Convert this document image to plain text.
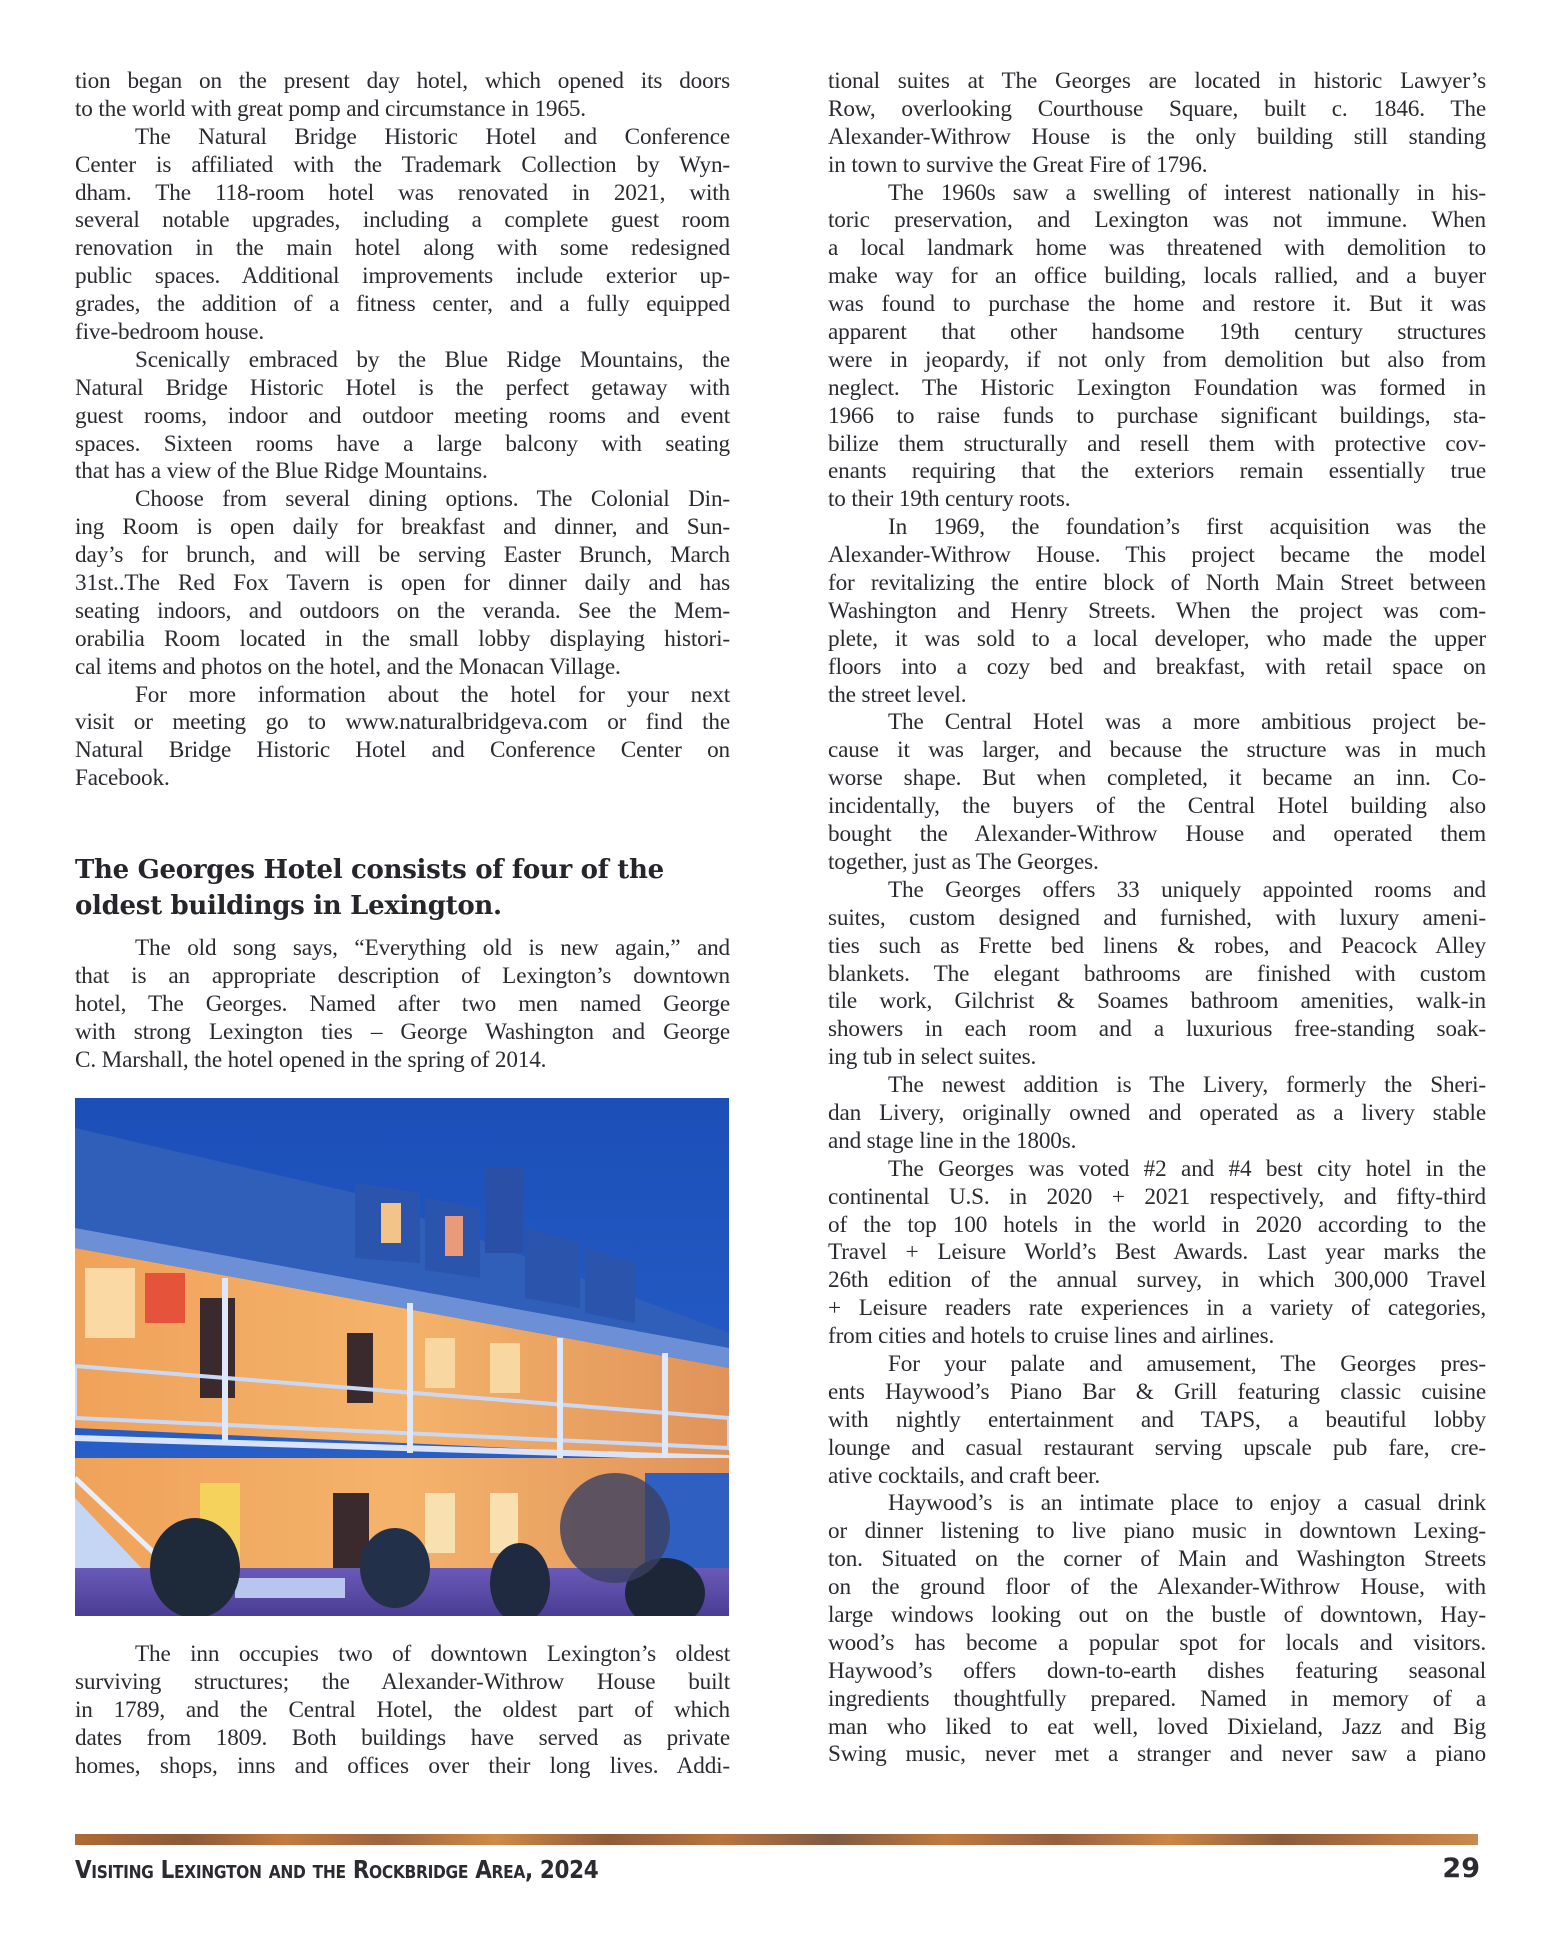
tion began on the present day hotel, which opened its doors
to the world with great pomp and circumstance in 1965.
The Natural Bridge Historic Hotel and Conference
Center is affiliated with the Trademark Collection by Wyn-
dham. The 118-room hotel was renovated in 2021, with
several notable upgrades, including a complete guest room
renovation in the main hotel along with some redesigned
public spaces. Additional improvements include exterior up-
grades, the addition of a fitness center, and a fully equipped
five-bedroom house.
Scenically embraced by the Blue Ridge Mountains, the
Natural Bridge Historic Hotel is the perfect getaway with
guest rooms, indoor and outdoor meeting rooms and event
spaces. Sixteen rooms have a large balcony with seating
that has a view of the Blue Ridge Mountains.
Choose from several dining options. The Colonial Din-
ing Room is open daily for breakfast and dinner, and Sun-
day’s for brunch, and will be serving Easter Brunch, March
31st..The Red Fox Tavern is open for dinner daily and has
seating indoors, and outdoors on the veranda. See the Mem-
orabilia Room located in the small lobby displaying histori-
cal items and photos on the hotel, and the Monacan Village.
For more information about the hotel for your next
visit or meeting go to www.naturalbridgeva.com or find the
Natural Bridge Historic Hotel and Conference Center on
Facebook.
The Georges Hotel consists of four of the
oldest buildings in Lexington.
The old song says, “Everything old is new again,” and
that is an appropriate description of Lexington’s downtown
hotel, The Georges. Named after two men named George
with strong Lexington ties – George Washington and George
C. Marshall, the hotel opened in the spring of 2014.
The inn occupies two of downtown Lexington’s oldest
surviving structures; the Alexander-Withrow House built
in 1789, and the Central Hotel, the oldest part of which
dates from 1809. Both buildings have served as private
homes, shops, inns and offices over their long lives. Addi-
tional suites at The Georges are located in historic Lawyer’s
Row, overlooking Courthouse Square, built c. 1846. The
Alexander-Withrow House is the only building still standing
in town to survive the Great Fire of 1796.
The 1960s saw a swelling of interest nationally in his-
toric preservation, and Lexington was not immune. When
a local landmark home was threatened with demolition to
make way for an office building, locals rallied, and a buyer
was found to purchase the home and restore it. But it was
apparent that other handsome 19th century structures
were in jeopardy, if not only from demolition but also from
neglect. The Historic Lexington Foundation was formed in
1966 to raise funds to purchase significant buildings, sta-
bilize them structurally and resell them with protective cov-
enants requiring that the exteriors remain essentially true
to their 19th century roots.
In 1969, the foundation’s first acquisition was the
Alexander-Withrow House. This project became the model
for revitalizing the entire block of North Main Street between
Washington and Henry Streets. When the project was com-
plete, it was sold to a local developer, who made the upper
floors into a cozy bed and breakfast, with retail space on
the street level.
The Central Hotel was a more ambitious project be-
cause it was larger, and because the structure was in much
worse shape. But when completed, it became an inn. Co-
incidentally, the buyers of the Central Hotel building also
bought the Alexander-Withrow House and operated them
together, just as The Georges.
The Georges offers 33 uniquely appointed rooms and
suites, custom designed and furnished, with luxury ameni-
ties such as Frette bed linens & robes, and Peacock Alley
blankets. The elegant bathrooms are finished with custom
tile work, Gilchrist & Soames bathroom amenities, walk-in
showers in each room and a luxurious free-standing soak-
ing tub in select suites.
The newest addition is The Livery, formerly the Sheri-
dan Livery, originally owned and operated as a livery stable
and stage line in the 1800s.
The Georges was voted #2 and #4 best city hotel in the
continental U.S. in 2020 + 2021 respectively, and fifty-third
of the top 100 hotels in the world in 2020 according to the
Travel + Leisure World’s Best Awards. Last year marks the
26th edition of the annual survey, in which 300,000 Travel
+ Leisure readers rate experiences in a variety of categories,
from cities and hotels to cruise lines and airlines.
For your palate and amusement, The Georges pres-
ents Haywood’s Piano Bar & Grill featuring classic cuisine
with nightly entertainment and TAPS, a beautiful lobby
lounge and casual restaurant serving upscale pub fare, cre-
ative cocktails, and craft beer.
Haywood’s is an intimate place to enjoy a casual drink
or dinner listening to live piano music in downtown Lexing-
ton. Situated on the corner of Main and Washington Streets
on the ground floor of the Alexander-Withrow House, with
large windows looking out on the bustle of downtown, Hay-
wood’s has become a popular spot for locals and visitors.
Haywood’s offers down-to-earth dishes featuring seasonal
ingredients thoughtfully prepared. Named in memory of a
man who liked to eat well, loved Dixieland, Jazz and Big
Swing music, never met a stranger and never saw a piano
Visiting Lexington and the Rockbridge Area, 2024	29
